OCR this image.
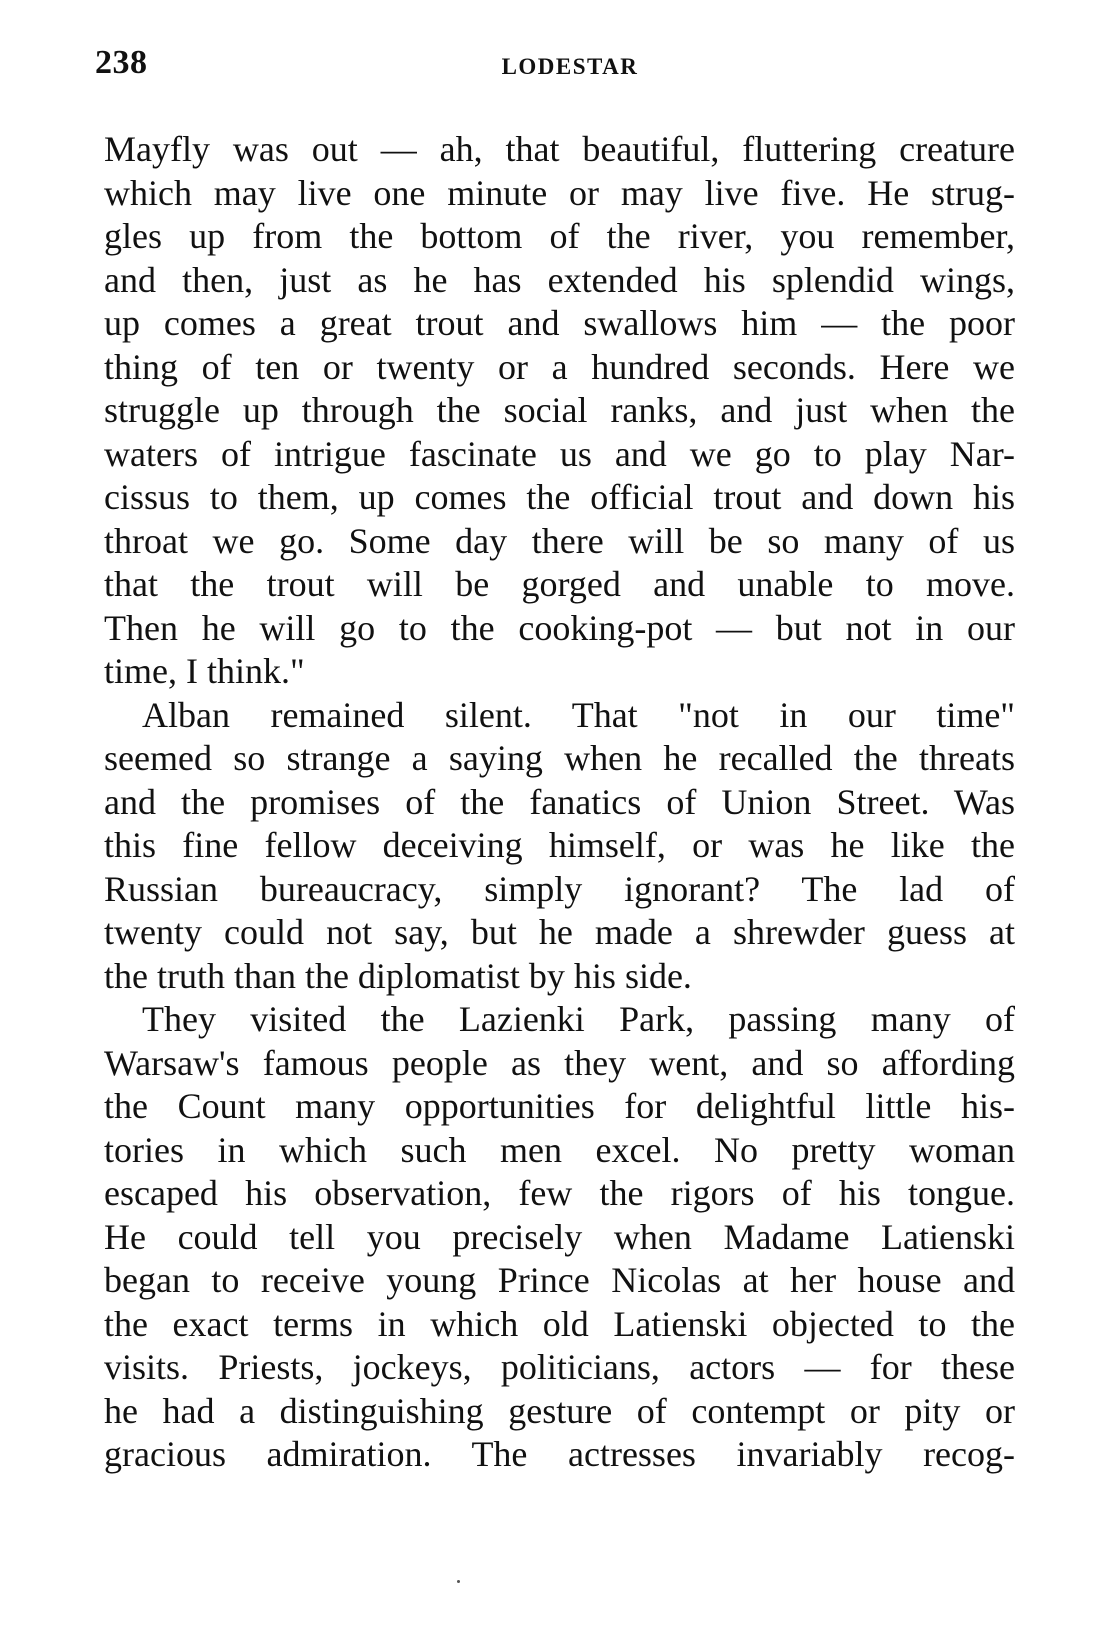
238	LODESTAR
Mayfly was out — ah, that beautiful, fluttering creature
which may live one minute or may live five. He strug-
gles up from the bottom of the river, you remember,
and then, just as he has extended his splendid wings,
up comes a great trout and swallows him — the poor
thing of ten or twenty or a hundred seconds. Here we
struggle up through the social ranks, and just when the
waters of intrigue fascinate us and we go to play Nar-
cissus to them, up comes the official trout and down his
throat we go. Some day there will be so many of us
that the trout will be gorged and unable to move.
Then he will go to the cooking-pot — but not in our
time, I think."
Alban remained silent. That "not in our time"
seemed so strange a saying when he recalled the threats
and the promises of the fanatics of Union Street. Was
this fine fellow deceiving himself, or was he like the
Russian bureaucracy, simply ignorant? The lad of
twenty could not say, but he made a shrewder guess at
the truth than the diplomatist by his side.
They visited the Lazienki Park, passing many of
Warsaw's famous people as they went, and so affording
the Count many opportunities for delightful little his-
tories in which such men excel. No pretty woman
escaped his observation, few the rigors of his tongue.
He could tell you precisely when Madame Latienski
began to receive young Prince Nicolas at her house and
the exact terms in which old Latienski objected to the
visits. Priests, jockeys, politicians, actors — for these
he had a distinguishing gesture of contempt or pity or
gracious admiration. The actresses invariably recog-
